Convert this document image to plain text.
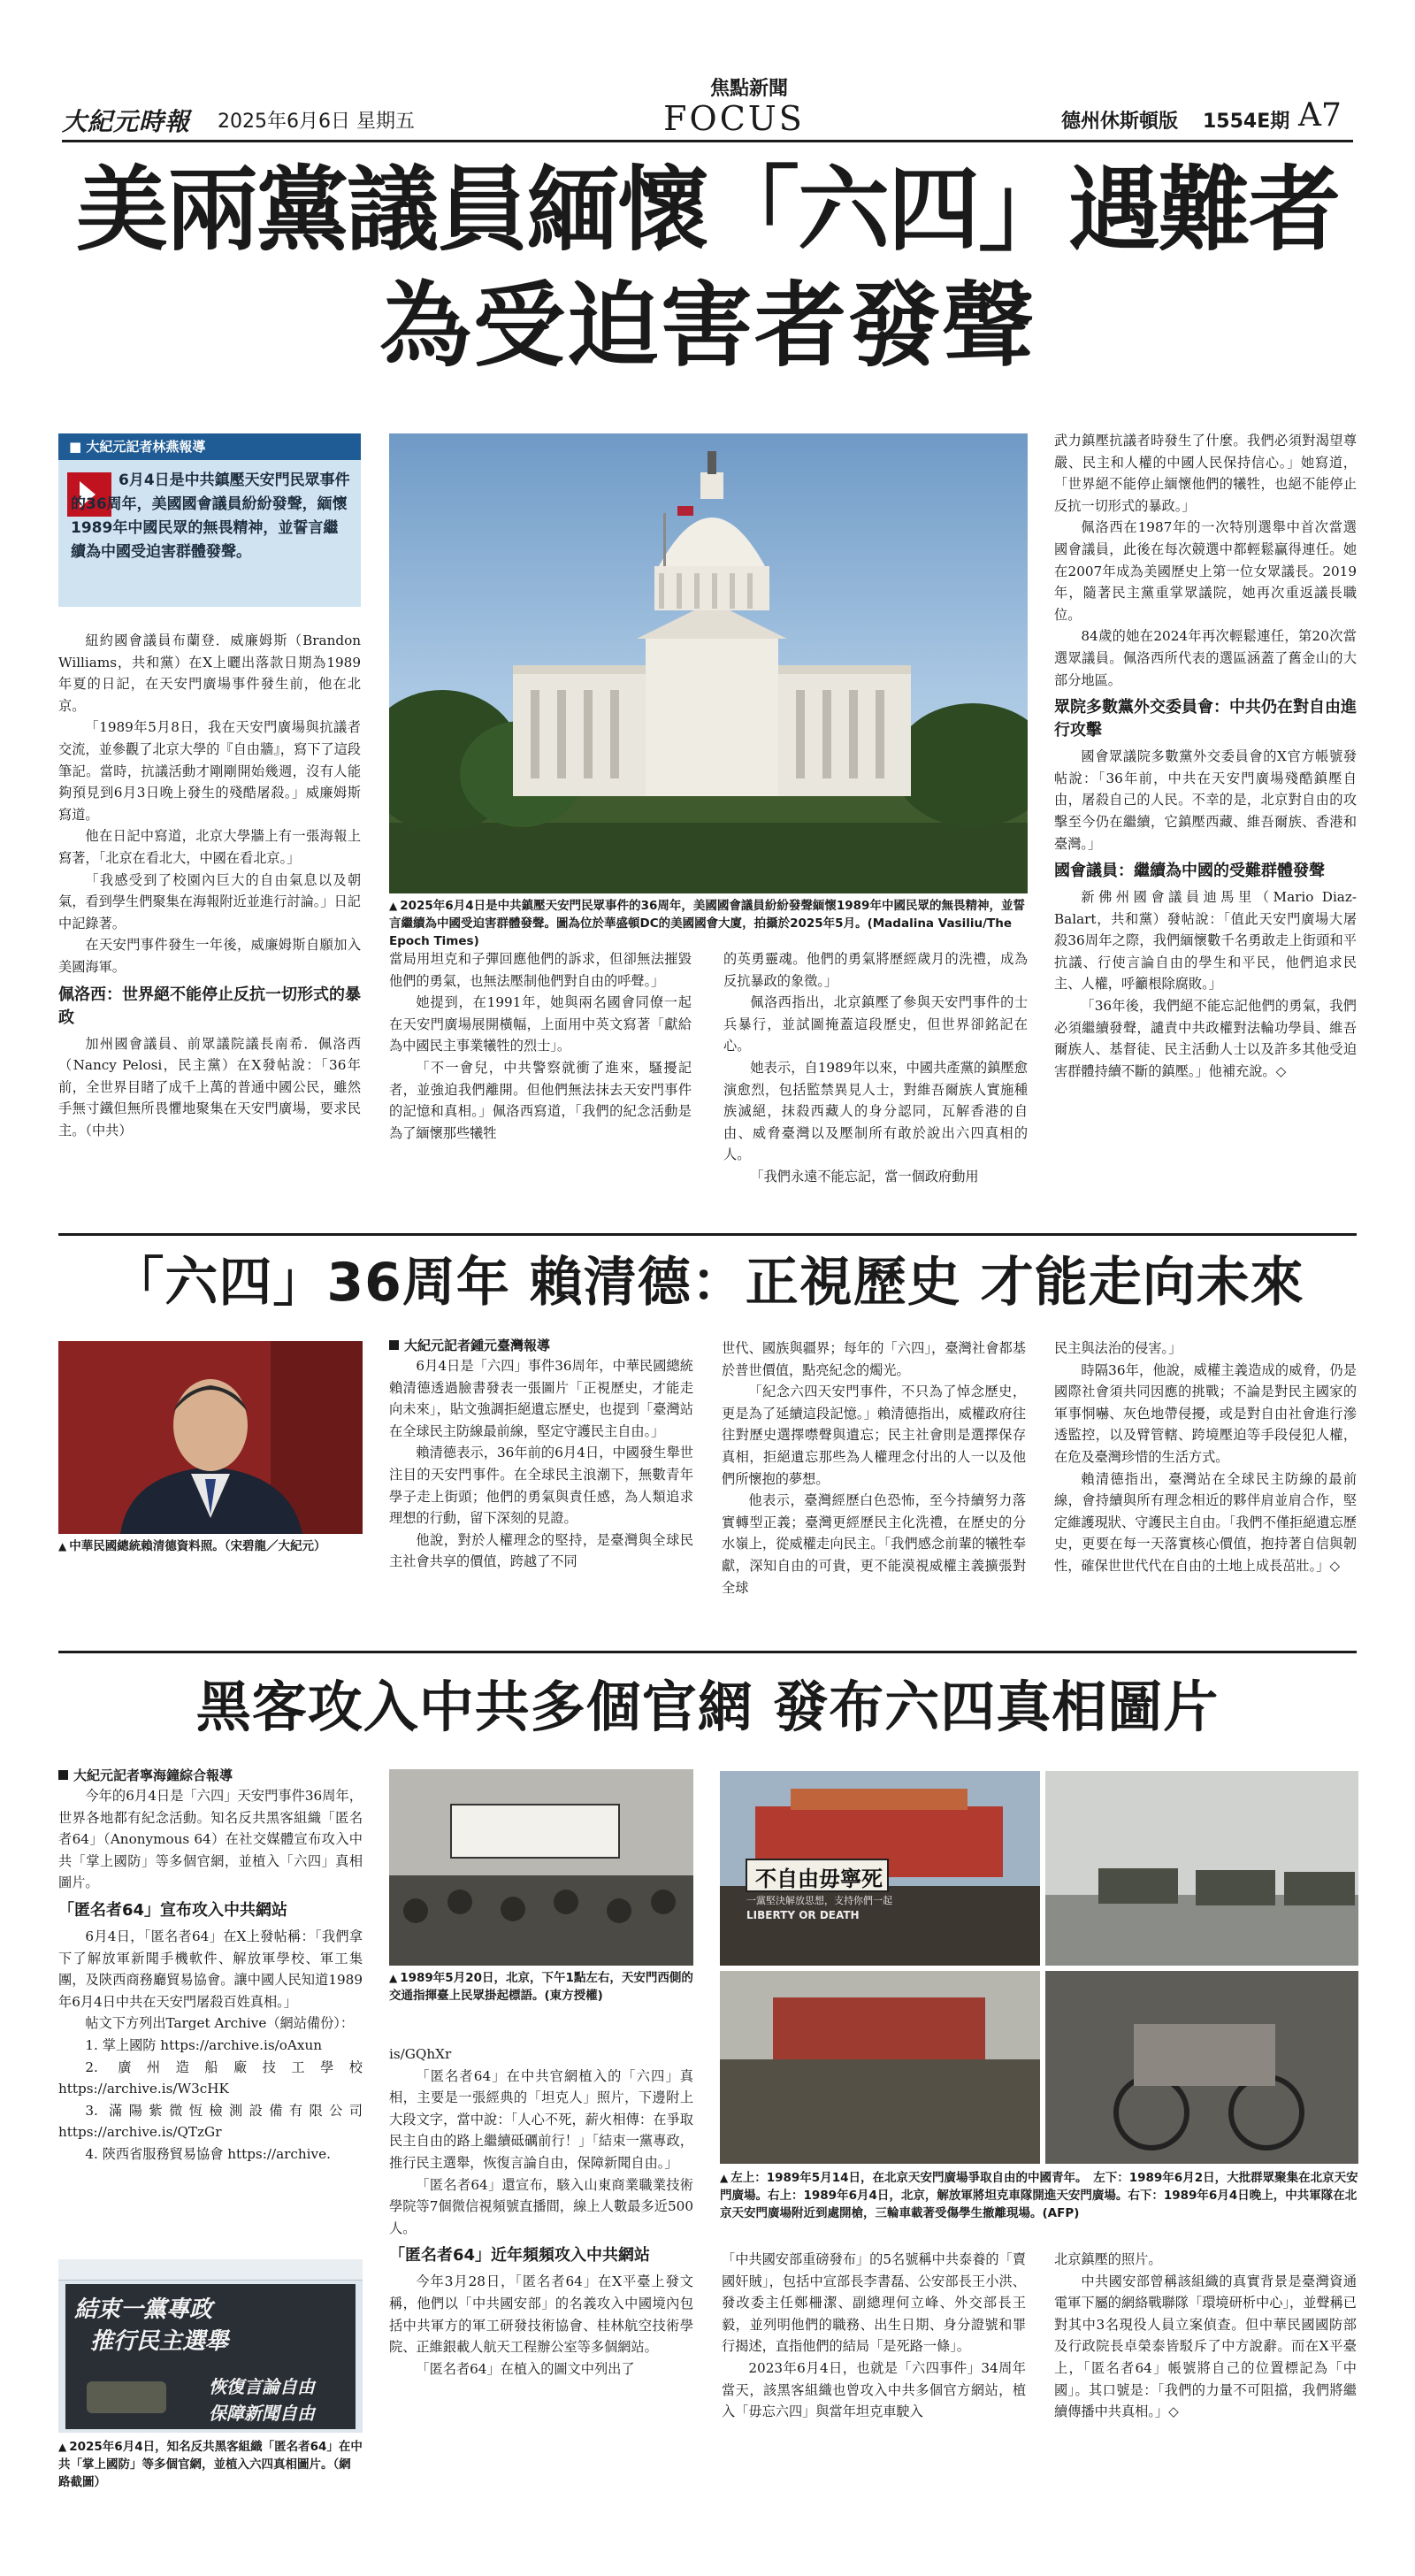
大紀元時報 2025年6月6日 星期五
焦點新聞
FOCUS	德州休斯頓版 1554E期 A7
美兩黨議員緬懷「六四」遇難者
為受迫害者發聲
■ 大紀元記者林燕報導
6月4日是中共鎮壓天安門民眾事件的36周年，美國國會議員紛紛發聲，緬懷1989年中國民眾的無畏精神，並誓言繼續為中國受迫害群體發聲。
▲ 2025年6月4日是中共鎮壓天安門民眾事件的36周年，美國國會議員紛紛發聲緬懷1989年中國民眾的無畏精神，並誓言繼續為中國受迫害群體發聲。圖為位於華盛頓DC的美國國會大廈，拍攝於2025年5月。(Madalina Vasiliu/The Epoch Times)

紐約國會議員布蘭登．威廉姆斯（Brandon Williams，共和黨）在X上曬出落款日期為1989年夏的日記，在天安門廣場事件發生前，他在北京。

「1989年5月8日，我在天安門廣場與抗議者交流，並參觀了北京大學的『自由牆』，寫下了這段筆記。當時，抗議活動才剛剛開始幾週，沒有人能夠預見到6月3日晚上發生的殘酷屠殺。」威廉姆斯寫道。

他在日記中寫道，北京大學牆上有一張海報上寫著，「北京在看北大，中國在看北京。」

「我感受到了校園內巨大的自由氣息以及朝氣，看到學生們聚集在海報附近並進行討論。」日記中記錄著。

在天安門事件發生一年後，威廉姆斯自願加入美國海軍。

佩洛西：世界絕不能停止反抗一切形式的暴政

加州國會議員、前眾議院議長南希．佩洛西（Nancy Pelosi，民主黨）在X發帖說：「36年前，全世界目睹了成千上萬的普通中國公民，雖然手無寸鐵但無所畏懼地聚集在天安門廣場，要求民主。（中共）

當局用坦克和子彈回應他們的訴求，但卻無法摧毀他們的勇氣，也無法壓制他們對自由的呼聲。」

她提到，在1991年，她與兩名國會同僚一起在天安門廣場展開橫幅，上面用中英文寫著「獻給為中國民主事業犧牲的烈士」。

「不一會兒，中共警察就衝了進來，騷擾記者，並強迫我們離開。但他們無法抹去天安門事件的記憶和真相。」佩洛西寫道，「我們的紀念活動是為了緬懷那些犧牲

的英勇靈魂。他們的勇氣將歷經歲月的洗禮，成為反抗暴政的象徵。」

佩洛西指出，北京鎮壓了參與天安門事件的士兵暴行，並試圖掩蓋這段歷史，但世界卻銘記在心。

她表示，自1989年以來，中國共產黨的鎮壓愈演愈烈，包括監禁異見人士，對維吾爾族人實施種族滅絕，抹殺西藏人的身分認同，瓦解香港的自由、威脅臺灣以及壓制所有敢於說出六四真相的人。

「我們永遠不能忘記，當一個政府動用

武力鎮壓抗議者時發生了什麼。我們必須對渴望尊嚴、民主和人權的中國人民保持信心。」她寫道，「世界絕不能停止緬懷他們的犧牲，也絕不能停止反抗一切形式的暴政。」

佩洛西在1987年的一次特別選舉中首次當選國會議員，此後在每次競選中都輕鬆贏得連任。她在2007年成為美國歷史上第一位女眾議長。2019年，隨著民主黨重掌眾議院，她再次重返議長職位。

84歲的她在2024年再次輕鬆連任，第20次當選眾議員。佩洛西所代表的選區涵蓋了舊金山的大部分地區。

眾院多數黨外交委員會：中共仍在對自由進行攻擊

國會眾議院多數黨外交委員會的X官方帳號發帖說：「36年前，中共在天安門廣場殘酷鎮壓自由，屠殺自己的人民。不幸的是，北京對自由的攻擊至今仍在繼續，它鎮壓西藏、維吾爾族、香港和臺灣。」

國會議員：繼續為中國的受難群體發聲

新佛州國會議員迪馬里（Mario Diaz-Balart，共和黨）發帖說：「值此天安門廣場大屠殺36周年之際，我們緬懷數千名勇敢走上街頭和平抗議、行使言論自由的學生和平民，他們追求民主、人權，呼籲根除腐敗。」

「36年後，我們絕不能忘記他們的勇氣，我們必須繼續發聲，譴責中共政權對法輪功學員、維吾爾族人、基督徒、民主活動人士以及許多其他受迫害群體持續不斷的鎮壓。」他補充說。◇

「六四」36周年 賴清德：正視歷史 才能走向未來
▲ 中華民國總統賴清德資料照。（宋碧龍／大紀元）
大紀元記者鍾元臺灣報導

6月4日是「六四」事件36周年，中華民國總統賴清德透過臉書發表一張圖片「正視歷史，才能走向未來」，貼文強調拒絕遺忘歷史，也提到「臺灣站在全球民主防線最前線，堅定守護民主自由。」

賴清德表示，36年前的6月4日，中國發生舉世注目的天安門事件。在全球民主浪潮下，無數青年學子走上街頭；他們的勇氣與責任感，為人類追求理想的行動，留下深刻的見證。

他說，對於人權理念的堅持，是臺灣與全球民主社會共享的價值，跨越了不同

世代、國族與疆界；每年的「六四」，臺灣社會都基於普世價值，點亮紀念的燭光。

「紀念六四天安門事件，不只為了悼念歷史，更是為了延續這段記憶。」賴清德指出，威權政府往往對歷史選擇噤聲與遺忘；民主社會則是選擇保存真相，拒絕遺忘那些為人權理念付出的人一以及他們所懷抱的夢想。

他表示，臺灣經歷白色恐怖，至今持續努力落實轉型正義；臺灣更經歷民主化洗禮，在歷史的分水嶺上，從威權走向民主。「我們感念前輩的犧牲奉獻，深知自由的可貴，更不能漠視威權主義擴張對全球

民主與法治的侵害。」

時隔36年，他說，威權主義造成的威脅，仍是國際社會須共同因應的挑戰；不論是對民主國家的軍事恫嚇、灰色地帶侵擾，或是對自由社會進行滲透監控，以及臂管轄、跨境壓迫等手段侵犯人權，在危及臺灣珍惜的生活方式。

賴清德指出，臺灣站在全球民主防線的最前線，會持續與所有理念相近的夥伴肩並肩合作，堅定維護現狀、守護民主自由。「我們不僅拒絕遺忘歷史，更要在每一天落實核心價值，抱持著自信與韌性，確保世世代代在自由的土地上成長茁壯。」◇

黑客攻入中共多個官網 發布六四真相圖片
大紀元記者寧海鐘綜合報導

今年的6月4日是「六四」天安門事件36周年，世界各地都有紀念活動。知名反共黑客組織「匿名者64」（Anonymous 64）在社交媒體宣布攻入中共「掌上國防」等多個官網，並植入「六四」真相圖片。

「匿名者64」宣布攻入中共網站

6月4日，「匿名者64」在X上發帖稱：「我們拿下了解放軍新聞手機軟件、解放軍學校、軍工集團，及陝西商務廳貿易協會。讓中國人民知道1989年6月4日中共在天安門屠殺百姓真相。」

帖文下方列出Target Archive（網站備份）：

1. 掌上國防 https://archive.is/oAxun

2. 廣州造船廠技工學校 https://archive.is/W3cHK

3. 滿陽紫微恆檢測設備有限公司 https://archive.is/QTzGr

4. 陝西省服務貿易協會 https://archive.

結束一黨專政
推行民主選舉
恢復言論自由
保障新聞自由
▲ 2025年6月4日，知名反共黑客組織「匿名者64」在中共「掌上國防」等多個官網，並植入六四真相圖片。（網路截圖）
▲ 1989年5月20日，北京，下午1點左右，天安門西側的交通指揮臺上民眾掛起標語。(東方授權)

is/GQhXr

「匿名者64」在中共官網植入的「六四」真相，主要是一張經典的「坦克人」照片，下邊附上大段文字，當中說：「人心不死，薪火相傳：在爭取民主自由的路上繼續砥礪前行！」「結束一黨專政，推行民主選舉，恢復言論自由，保障新聞自由。」

「匿名者64」還宣布，駭入山東商業職業技術學院等7個微信視頻號直播間，線上人數最多近500人。

「匿名者64」近年頻頻攻入中共網站

今年3月28日，「匿名者64」在X平臺上發文稱，他們以「中共國安部」的名義攻入中國境內包括中共軍方的軍工研發技術協會、桂林航空技術學院、正維銀載人航天工程辦公室等多個網站。

「匿名者64」在植入的圖文中列出了

不自由毋寧死
一黨堅決解放思想，支持你們一起
LIBERTY OR DEATH
▲ 左上：1989年5月14日，在北京天安門廣場爭取自由的中國青年。　左下：1989年6月2日，大批群眾聚集在北京天安門廣場。右上：1989年6月4日，北京，解放軍將坦克車隊開進天安門廣場。右下：1989年6月4日晚上，中共軍隊在北京天安門廣場附近到處開槍，三輪車載著受傷學生撤離現場。(AFP)

「中共國安部重磅發布」的5名號稱中共泰養的「賣國奸賊」，包括中宣部長李書磊、公安部長王小洪、發改委主任鄭柵潔、副總理何立峰、外交部長王毅，並列明他們的職務、出生日期、身分證號和罪行揭述，直指他們的結局「是死路一條」。

2023年6月4日，也就是「六四事件」34周年當天，該黑客組織也曾攻入中共多個官方網站，植入「毋忘六四」與當年坦克車駛入

北京鎮壓的照片。

中共國安部曾稱該組織的真實背景是臺灣資通電軍下屬的網絡戰聯隊「環境研析中心」，並聲稱已對其中3名現役人員立案偵查。但中華民國國防部及行政院長卓榮泰皆駁斥了中方說辭。而在X平臺上，「匿名者64」帳號將自己的位置標記為「中國」。其口號是：「我們的力量不可阻擋，我們將繼續傳播中共真相。」◇
